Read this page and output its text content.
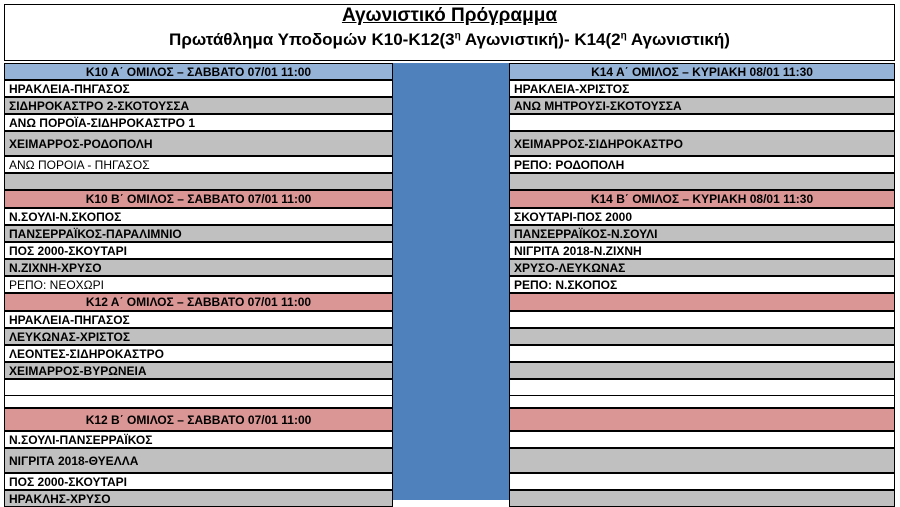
Αγωνιστικό Πρόγραμμα
Πρωτάθλημα Υποδομών $K10-K12(3^\eta$ Αγωνιστική)- $K14(2^\eta$ Αγωνιστική)
Κ10 Α΄ ΟΜΙΛΟΣ – ΣΑΒΒΑΤΟ 07/01 11:00
ΗΡΑΚΛΕΙΑ-ΠΗΓΑΣΟΣ
ΣΙΔΗΡΟΚΑΣΤΡΟ 2-ΣΚΟΤΟΥΣΣΑ
ΑΝΩ ΠΟΡΟΪΑ-ΣΙΔΗΡΟΚΑΣΤΡΟ 1
ΧΕΙΜΑΡΡΟΣ-ΡΟΔΟΠΟΛΗ
ΑΝΩ ΠΟΡΟΙΑ - ΠΗΓΑΣΟΣ
Κ10 Β΄ ΟΜΙΛΟΣ – ΣΑΒΒΑΤΟ 07/01 11:00
Ν.ΣΟΥΛΙ-Ν.ΣΚΟΠΟΣ
ΠΑΝΣΕΡΡΑΪΚΟΣ-ΠΑΡΑΛΙΜΝΙΟ
ΠΟΣ 2000-ΣΚΟΥΤΑΡΙ
Ν.ΖΙΧΝΗ-ΧΡΥΣΟ
ΡΕΠΟ: ΝΕΟΧΩΡΙ
Κ12 Α΄ ΟΜΙΛΟΣ – ΣΑΒΒΑΤΟ 07/01 11:00
ΗΡΑΚΛΕΙΑ-ΠΗΓΑΣΟΣ
ΛΕΥΚΩΝΑΣ-ΧΡΙΣΤΟΣ
ΛΕΟΝΤΕΣ-ΣΙΔΗΡΟΚΑΣΤΡΟ
ΧΕΙΜΑΡΡΟΣ-ΒΥΡΩΝΕΙΑ
Κ12 Β΄ ΟΜΙΛΟΣ – ΣΑΒΒΑΤΟ 07/01 11:00
Ν.ΣΟΥΛΙ-ΠΑΝΣΕΡΡΑΪΚΟΣ
ΝΙΓΡΙΤΑ 2018-ΘΥΕΛΛΑ
ΠΟΣ 2000-ΣΚΟΥΤΑΡΙ
ΗΡΑΚΛΗΣ-ΧΡΥΣΟ
Κ14 Α΄ ΟΜΙΛΟΣ – ΚΥΡΙΑΚΗ 08/01 11:30
ΗΡΑΚΛΕΙΑ-ΧΡΙΣΤΟΣ
ΑΝΩ ΜΗΤΡΟΥΣΙ-ΣΚΟΤΟΥΣΣΑ
ΧΕΙΜΑΡΡΟΣ-ΣΙΔΗΡΟΚΑΣΤΡΟ
ΡΕΠΟ: ΡΟΔΟΠΟΛΗ
Κ14 Β΄ ΟΜΙΛΟΣ – ΚΥΡΙΑΚΗ 08/01 11:30
ΣΚΟΥΤΑΡΙ-ΠΟΣ 2000
ΠΑΝΣΕΡΡΑΪΚΟΣ-Ν.ΣΟΥΛΙ
ΝΙΓΡΙΤΑ 2018-Ν.ΖΙΧΝΗ
ΧΡΥΣΟ-ΛΕΥΚΩΝΑΣ
ΡΕΠΟ: Ν.ΣΚΟΠΟΣ
